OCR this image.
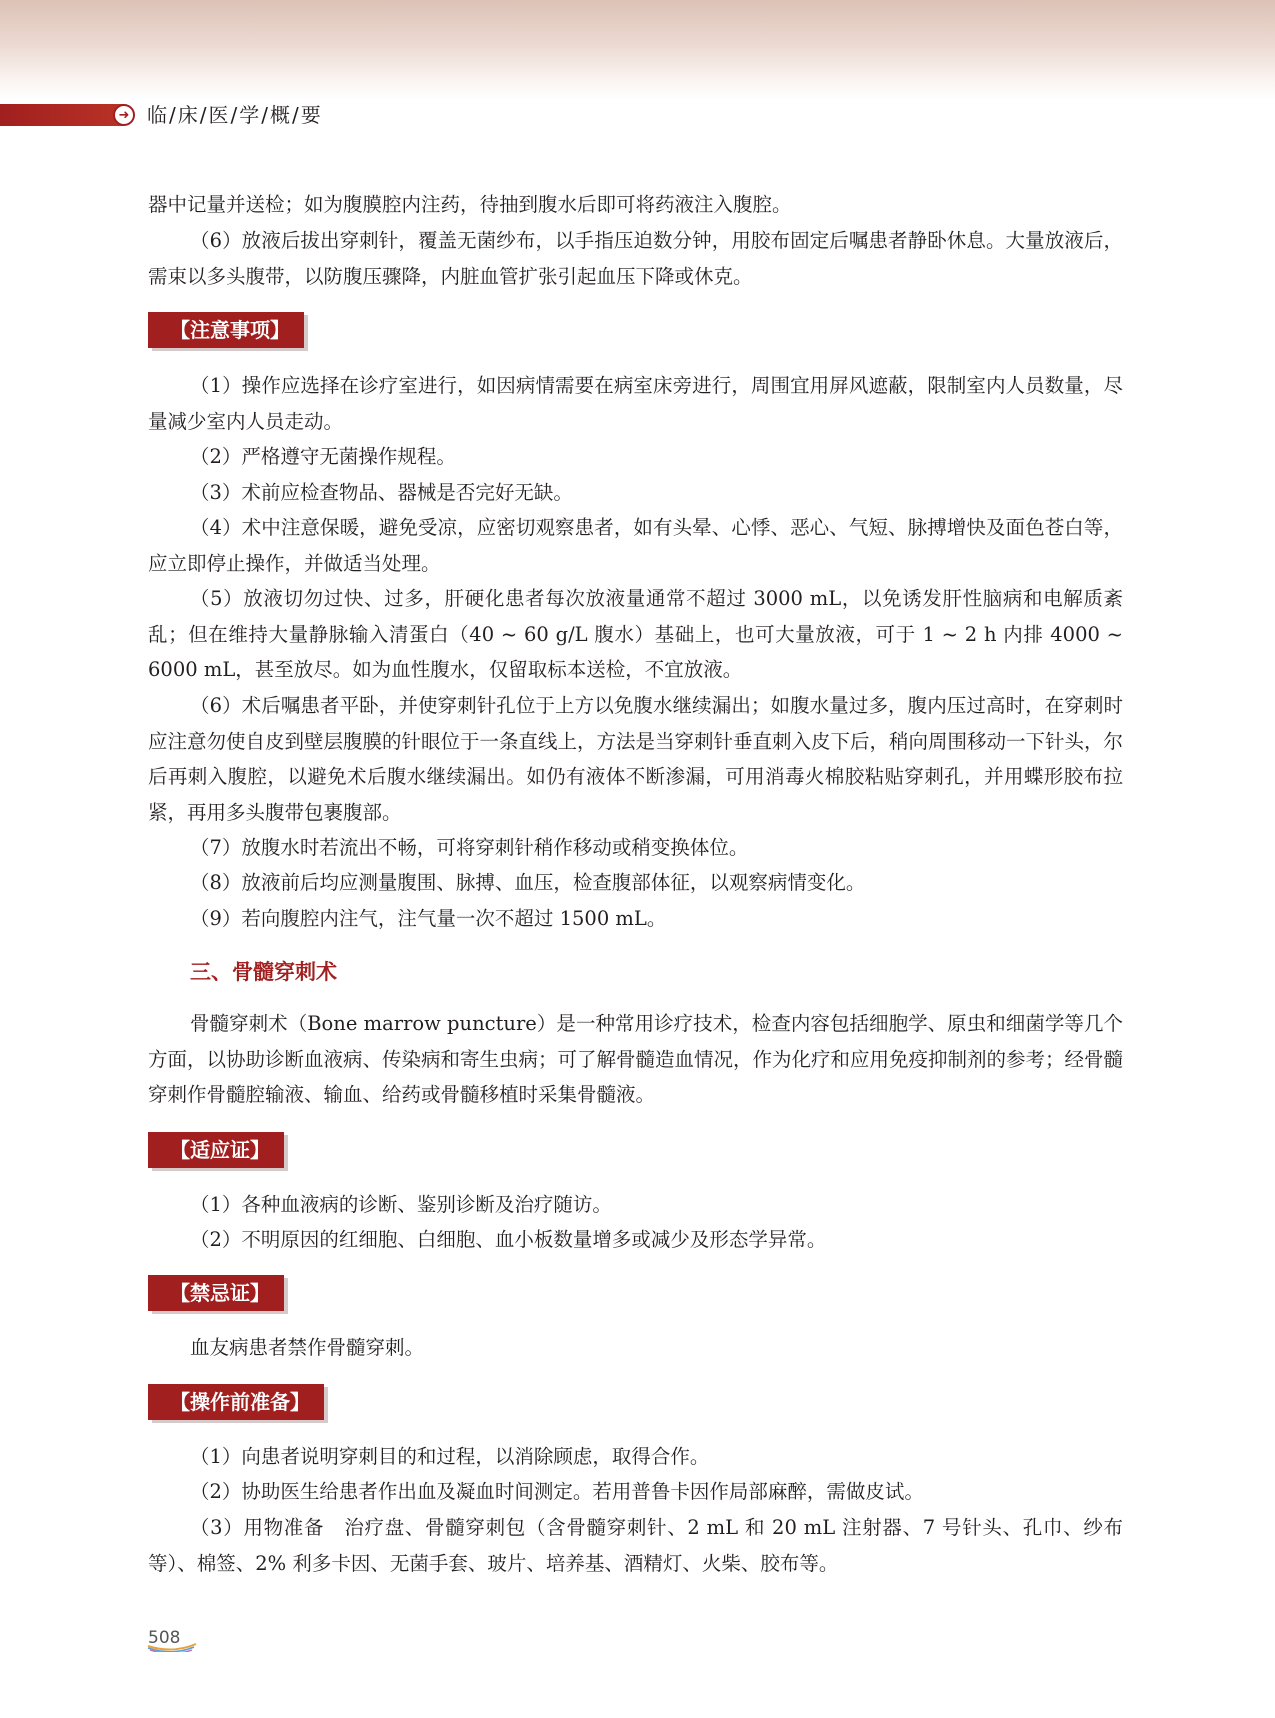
➜ 临/床/医/学/概/要

器中记量并送检；如为腹膜腔内注药，待抽到腹水后即可将药液注入腹腔。

（6）放液后拔出穿刺针，覆盖无菌纱布，以手指压迫数分钟，用胶布固定后嘱患者静卧休息。大量放液后，需束以多头腹带，以防腹压骤降，内脏血管扩张引起血压下降或休克。

【注意事项】

（1）操作应选择在诊疗室进行，如因病情需要在病室床旁进行，周围宜用屏风遮蔽，限制室内人员数量，尽量减少室内人员走动。

（2）严格遵守无菌操作规程。

（3）术前应检查物品、器械是否完好无缺。

（4）术中注意保暖，避免受凉，应密切观察患者，如有头晕、心悸、恶心、气短、脉搏增快及面色苍白等，应立即停止操作，并做适当处理。

（5）放液切勿过快、过多，肝硬化患者每次放液量通常不超过 3000 mL，以免诱发肝性脑病和电解质紊乱；但在维持大量静脉输入清蛋白（40 ~ 60 g/L 腹水）基础上，也可大量放液，可于 1 ~ 2 h 内排 4000 ~ 6000 mL，甚至放尽。如为血性腹水，仅留取标本送检，不宜放液。

（6）术后嘱患者平卧，并使穿刺针孔位于上方以免腹水继续漏出；如腹水量过多，腹内压过高时，在穿刺时应注意勿使自皮到壁层腹膜的针眼位于一条直线上，方法是当穿刺针垂直刺入皮下后，稍向周围移动一下针头，尔后再刺入腹腔，以避免术后腹水继续漏出。如仍有液体不断渗漏，可用消毒火棉胶粘贴穿刺孔，并用蝶形胶布拉紧，再用多头腹带包裹腹部。

（7）放腹水时若流出不畅，可将穿刺针稍作移动或稍变换体位。

（8）放液前后均应测量腹围、脉搏、血压，检查腹部体征，以观察病情变化。

（9）若向腹腔内注气，注气量一次不超过 1500 mL。

三、骨髓穿刺术

骨髓穿刺术（Bone marrow puncture）是一种常用诊疗技术，检查内容包括细胞学、原虫和细菌学等几个方面，以协助诊断血液病、传染病和寄生虫病；可了解骨髓造血情况，作为化疗和应用免疫抑制剂的参考；经骨髓穿刺作骨髓腔输液、输血、给药或骨髓移植时采集骨髓液。

【适应证】

（1）各种血液病的诊断、鉴别诊断及治疗随访。

（2）不明原因的红细胞、白细胞、血小板数量增多或减少及形态学异常。

【禁忌证】

血友病患者禁作骨髓穿刺。

【操作前准备】

（1）向患者说明穿刺目的和过程，以消除顾虑，取得合作。

（2）协助医生给患者作出血及凝血时间测定。若用普鲁卡因作局部麻醉，需做皮试。

（3）用物准备　治疗盘、骨髓穿刺包（含骨髓穿刺针、2 mL 和 20 mL 注射器、7 号针头、孔巾、纱布等）、棉签、2% 利多卡因、无菌手套、玻片、培养基、酒精灯、火柴、胶布等。

508
